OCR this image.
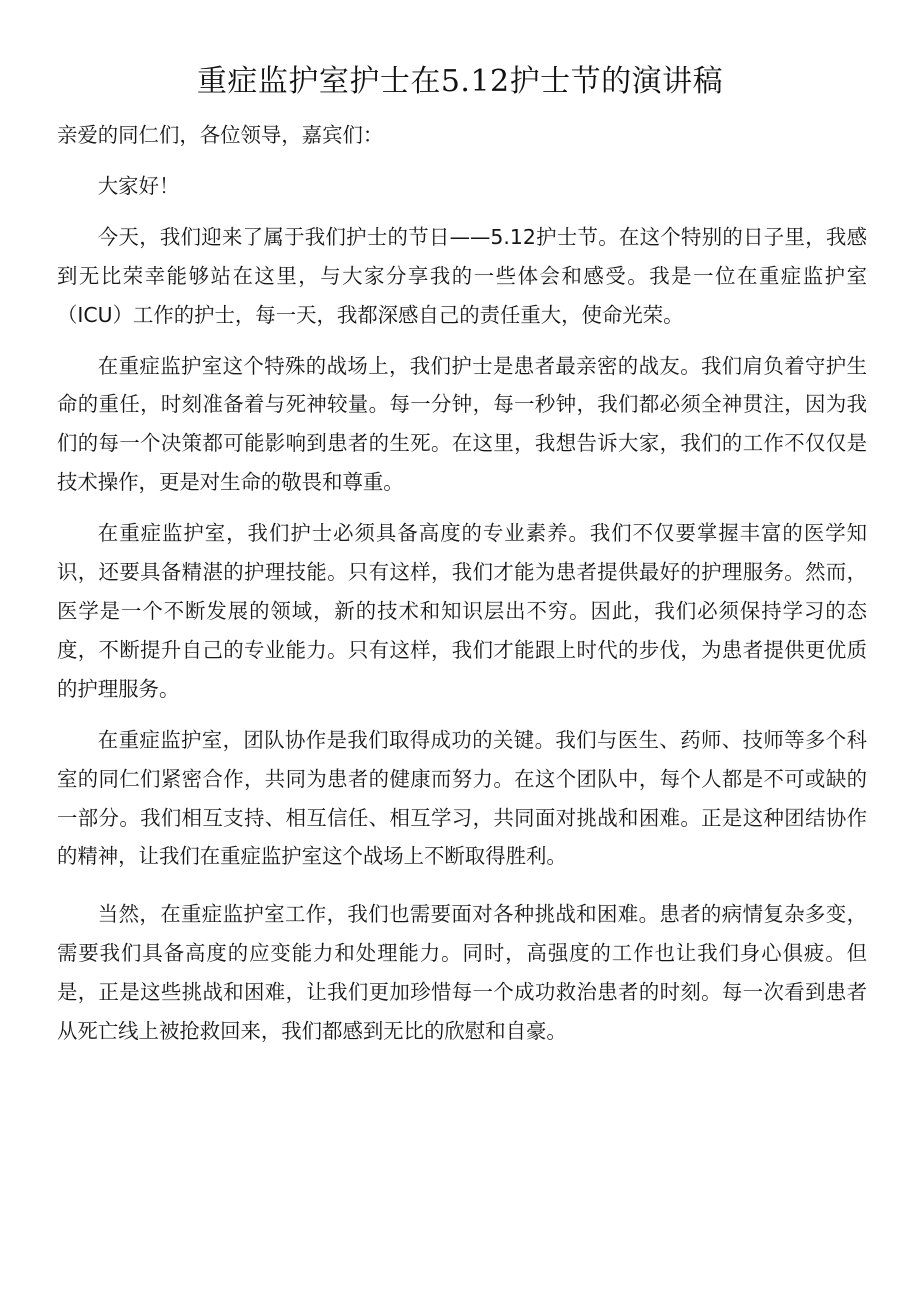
重症监护室护士在5.12护士节的演讲稿

亲爱的同仁们，各位领导，嘉宾们：

大家好！

今天，我们迎来了属于我们护士的节日——5.12护士节。在这个特别的日子里，我感到无比荣幸能够站在这里，与大家分享我的一些体会和感受。我是一位在重症监护室（ICU）工作的护士，每一天，我都深感自己的责任重大，使命光荣。

在重症监护室这个特殊的战场上，我们护士是患者最亲密的战友。我们肩负着守护生命的重任，时刻准备着与死神较量。每一分钟，每一秒钟，我们都必须全神贯注，因为我们的每一个决策都可能影响到患者的生死。在这里，我想告诉大家，我们的工作不仅仅是技术操作，更是对生命的敬畏和尊重。

在重症监护室，我们护士必须具备高度的专业素养。我们不仅要掌握丰富的医学知识，还要具备精湛的护理技能。只有这样，我们才能为患者提供最好的护理服务。然而，医学是一个不断发展的领域，新的技术和知识层出不穷。因此，我们必须保持学习的态度，不断提升自己的专业能力。只有这样，我们才能跟上时代的步伐，为患者提供更优质的护理服务。

在重症监护室，团队协作是我们取得成功的关键。我们与医生、药师、技师等多个科室的同仁们紧密合作，共同为患者的健康而努力。在这个团队中，每个人都是不可或缺的一部分。我们相互支持、相互信任、相互学习，共同面对挑战和困难。正是这种团结协作的精神，让我们在重症监护室这个战场上不断取得胜利。

当然，在重症监护室工作，我们也需要面对各种挑战和困难。患者的病情复杂多变，需要我们具备高度的应变能力和处理能力。同时，高强度的工作也让我们身心俱疲。但是，正是这些挑战和困难，让我们更加珍惜每一个成功救治患者的时刻。每一次看到患者从死亡线上被抢救回来，我们都感到无比的欣慰和自豪。
